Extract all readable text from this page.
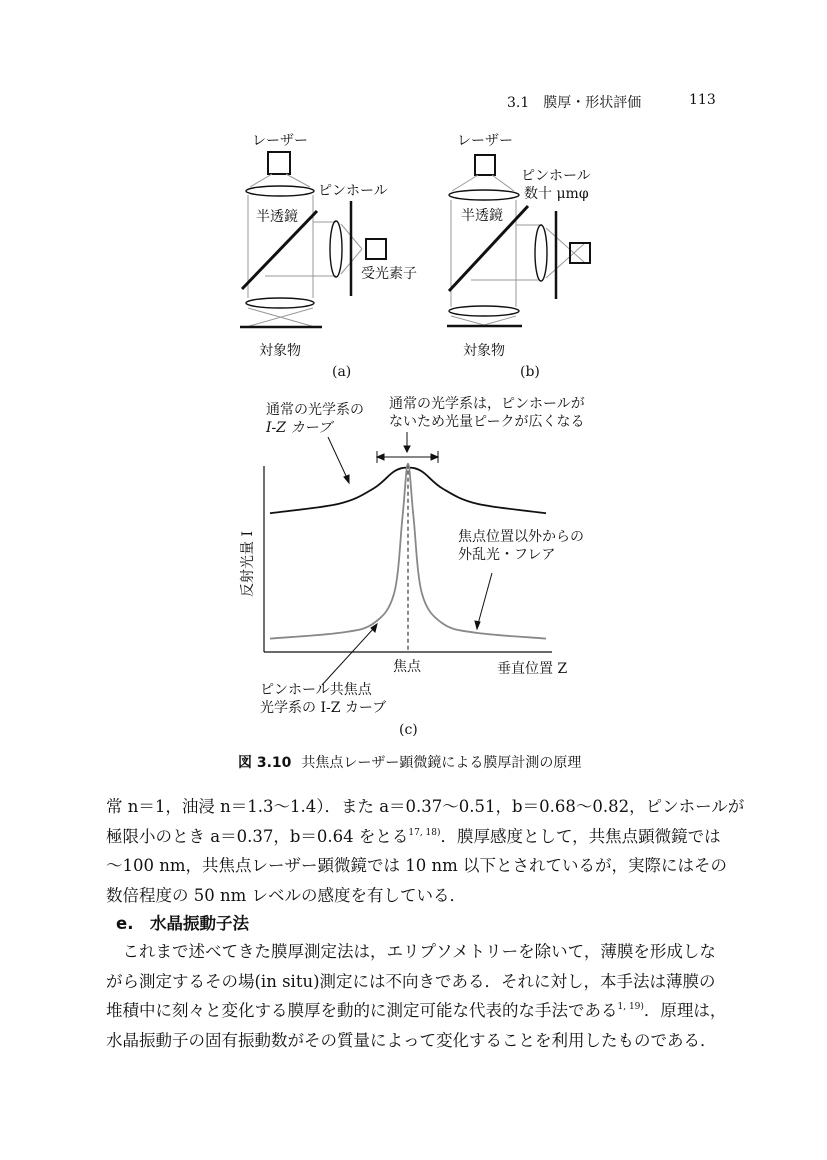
3.1　膜厚・形状評価	113
レーザー
ピンホール
半透鏡
受光素子
対象物
(a)
レーザー
ピンホール
数十 μmφ
半透鏡
対象物
(b)
通常の光学系の
I-Z カーブ
通常の光学系は，ピンホールが
ないため光量ピークが広くなる
焦点位置以外からの
外乱光・フレア
ピンホール共焦点
光学系の I-Z カーブ
反射光量 I
焦点	垂直位置 Z
(c)
図 3.10 共焦点レーザー顕微鏡による膜厚計測の原理
常 n＝1，油浸 n＝1.3〜1.4）．また a＝0.37〜0.51，b＝0.68〜0.82，ピンホールが
極限小のとき a＝0.37，b＝0.64 をとる$^{17, 18)}$．膜厚感度として，共焦点顕微鏡では
〜100 nm，共焦点レーザー顕微鏡では 10 nm 以下とされているが，実際にはその
数倍程度の 50 nm レベルの感度を有している．
e.　水晶振動子法
　これまで述べてきた膜厚測定法は，エリプソメトリーを除いて，薄膜を形成しな
がら測定するその場(in situ)測定には不向きである．それに対し，本手法は薄膜の
堆積中に刻々と変化する膜厚を動的に測定可能な代表的な手法である$^{1, 19)}$．原理は，
水晶振動子の固有振動数がその質量によって変化することを利用したものである．
